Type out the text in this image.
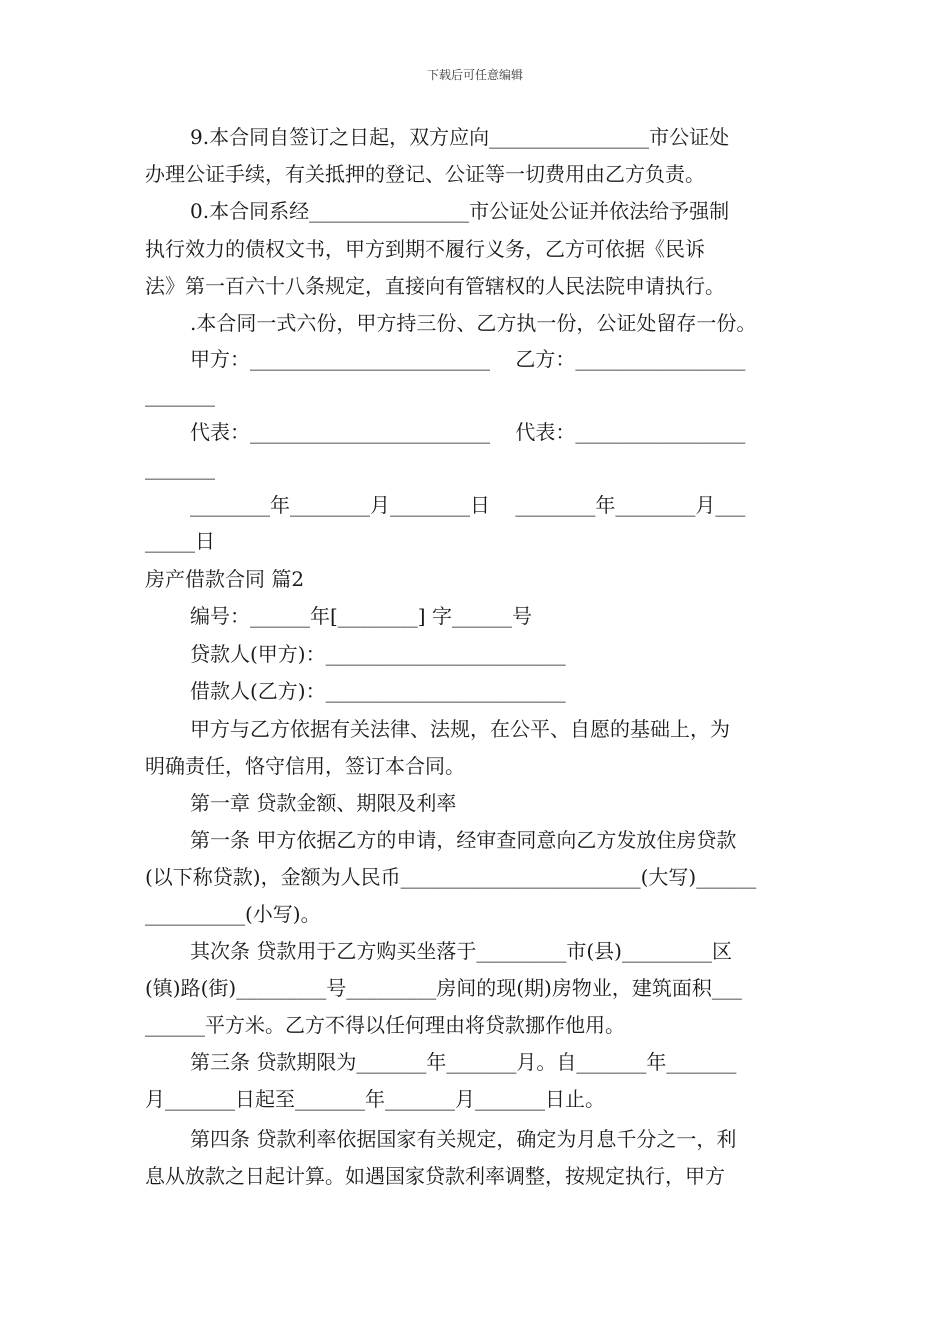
下载后可任意编辑
9.本合同自签订之日起，双方应向________________市公证处
办理公证手续，有关抵押的登记、公证等一切费用由乙方负责。
0.本合同系经________________市公证处公证并依法给予强制
执行效力的债权文书，甲方到期不履行义务，乙方可依据《民诉
法》第一百六十八条规定，直接向有管辖权的人民法院申请执行。
.本合同一式六份，甲方持三份、乙方执一份，公证处留存一份。
甲方：________________________    乙方：_________________
_______
代表：________________________    代表：_________________
_______
________年________月________日    ________年________月___
_____日
房产借款合同 篇2
编号：______年[________] 字______号
贷款人(甲方)：________________________
借款人(乙方)：________________________
甲方与乙方依据有关法律、法规，在公平、自愿的基础上，为
明确责任，恪守信用，签订本合同。
第一章 贷款金额、期限及利率
第一条 甲方依据乙方的申请，经审查同意向乙方发放住房贷款
(以下称贷款)，金额为人民币________________________(大写)______
__________(小写)。
其次条 贷款用于乙方购买坐落于_________市(县)_________区
(镇)路(街)_________号_________房间的现(期)房物业，建筑面积___
______平方米。乙方不得以任何理由将贷款挪作他用。
第三条 贷款期限为_______年_______月。自_______年_______
月_______日起至_______年_______月_______日止。
第四条 贷款利率依据国家有关规定，确定为月息千分之一，利
息从放款之日起计算。如遇国家贷款利率调整，按规定执行，甲方
